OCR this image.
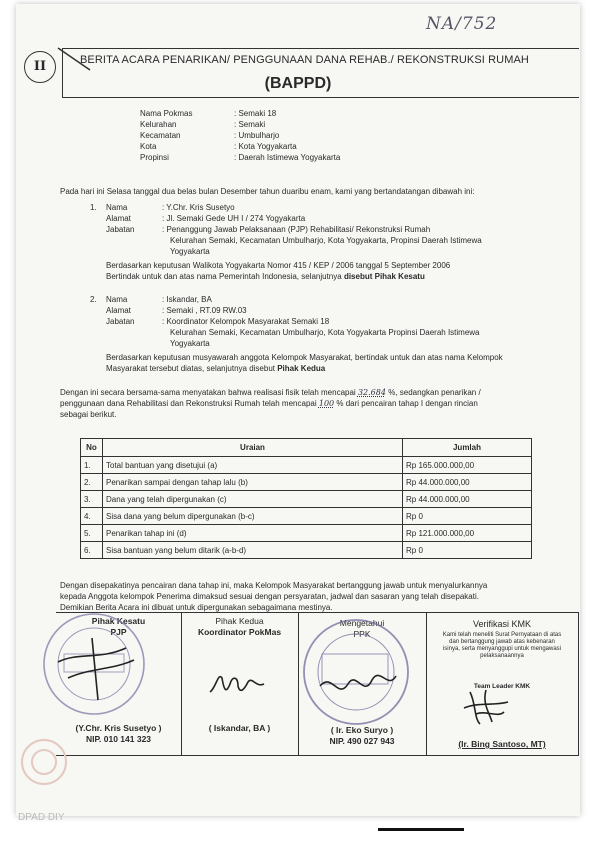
NA/752
II	BERITA ACARA PENARIKAN/ PENGGUNAAN DANA REHAB./ REKONSTRUKSI RUMAH
(BAPPD)
Nama Pokmas	: Semaki 18
Kelurahan	: Semaki
Kecamatan	: Umbulharjo
Kota	: Kota Yogyakarta
Propinsi	: Daerah Istimewa Yogyakarta
Pada hari ini Selasa tanggal dua belas bulan Desember tahun duaribu enam, kami yang bertandatangan dibawah ini:
1. Nama	: Y.Chr. Kris Susetyo
Alamat	: Jl. Semaki Gede UH I / 274 Yogyakarta
Jabatan	: Penanggung Jawab Pelaksanaan (PJP) Rehabilitasi/ Rekonstruksi Rumah
Kelurahan Semaki, Kecamatan Umbulharjo, Kota Yogyakarta, Propinsi Daerah Istimewa
Yogyakarta
Berdasarkan keputusan Walikota Yogyakarta Nomor 415 / KEP / 2006 tanggal 5 September 2006
Bertindak untuk dan atas nama Pemerintah Indonesia, selanjutnya disebut Pihak Kesatu
2. Nama	: Iskandar, BA
Alamat	: Semaki , RT.09 RW.03
Jabatan	: Koordinator Kelompok Masyarakat Semaki 18
Kelurahan Semaki, Kecamatan Umbulharjo, Kota Yogyakarta Propinsi Daerah Istimewa
Yogyakarta
Berdasarkan keputusan musyawarah anggota Kelompok Masyarakat, bertindak untuk dan atas nama Kelompok
Masyarakat tersebut diatas, selanjutnya disebut Pihak Kedua
Dengan ini secara bersama-sama menyatakan bahwa realisasi fisik telah mencapai 32.684 %, sedangkan penarikan /
penggunaan dana Rehabilitasi dan Rekonstruksi Rumah telah mencapai 100 % dari pencairan tahap I dengan rincian
sebagai berikut.
No	Uraian	Jumlah
1.	Total bantuan yang disetujui (a)	Rp 165.000.000,00
2.	Penarikan sampai dengan tahap lalu (b)	Rp 44.000.000,00
3.	Dana yang telah dipergunakan (c)	Rp 44.000.000,00
4.	Sisa dana yang belum dipergunakan (b-c)	Rp 0
5.	Penarikan tahap ini (d)	Rp 121.000.000,00
6.	Sisa bantuan yang belum ditarik (a-b-d)	Rp 0
Dengan disepakatinya pencairan dana tahap ini, maka Kelompok Masyarakat bertanggung jawab untuk menyalurkannya
kepada Anggota kelompok Penerima dimaksud sesuai dengan persyaratan, jadwal dan sasaran yang telah disepakati.
Demikian Berita Acara ini dibuat untuk dipergunakan sebagaimana mestinya.
Pihak Kesatu
PJP
(Y.Chr. Kris Susetyo )
NIP. 010 141 323
Pihak Kedua
Koordinator PokMas
( Iskandar, BA )
Mengetahui
PPK
( Ir. Eko Suryo )
NIP. 490 027 943
Verifikasi KMK
Kami telah meneliti Surat Pernyataan di atas dan bertanggung jawab atas kebenaran isinya, serta menyanggupi untuk mengawasi pelaksanaannya
Team Leader KMK
(Ir. Bing Santoso, MT)
DPAD DIY
